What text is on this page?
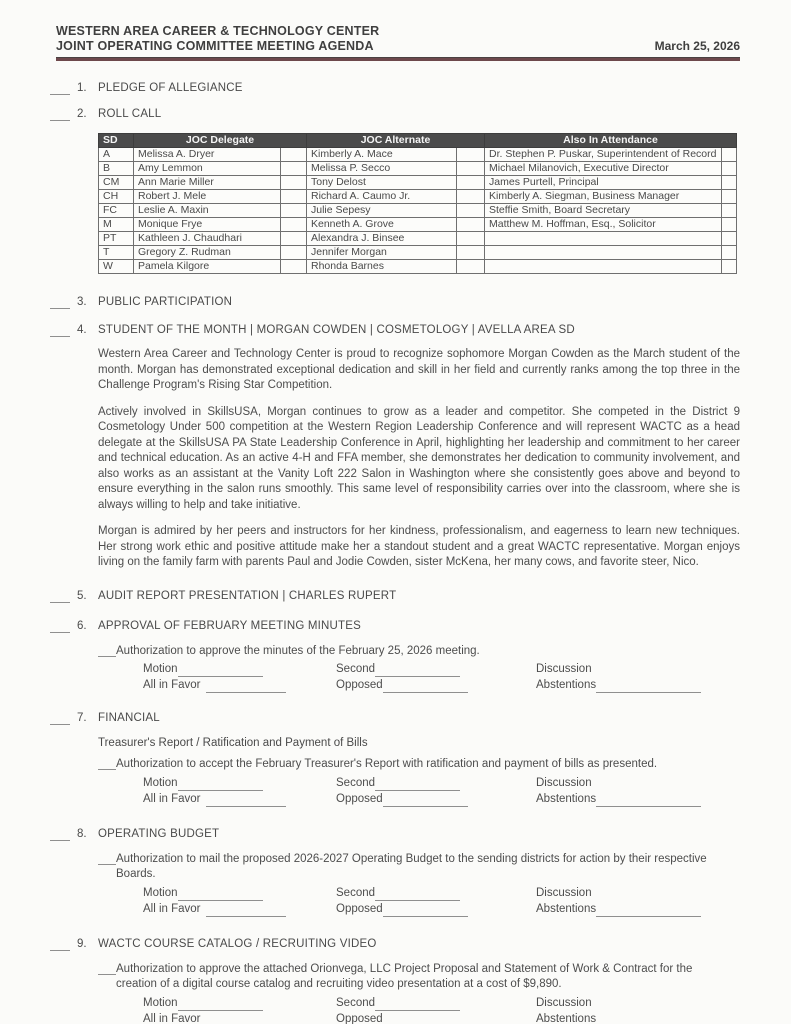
WESTERN AREA CAREER & TECHNOLOGY CENTER
JOINT OPERATING COMMITTEE MEETING AGENDA	March 25, 2026
1. PLEDGE OF ALLEGIANCE
2. ROLL CALL
SD	JOC Delegate		JOC Alternate		Also In Attendance	
A	Melissa A. Dryer		Kimberly A. Mace		Dr. Stephen P. Puskar, Superintendent of Record	
B	Amy Lemmon		Melissa P. Secco		Michael Milanovich, Executive Director	
CM	Ann Marie Miller		Tony Delost		James Purtell, Principal	
CH	Robert J. Mele		Richard A. Caumo Jr.		Kimberly A. Siegman, Business Manager	
FC	Leslie A. Maxin		Julie Sepesy		Steffie Smith, Board Secretary	
M	Monique Frye		Kenneth A. Grove		Matthew M. Hoffman, Esq., Solicitor	
PT	Kathleen J. Chaudhari		Alexandra J. Binsee			
T	Gregory Z. Rudman		Jennifer Morgan			
W	Pamela Kilgore		Rhonda Barnes			
3. PUBLIC PARTICIPATION
4. STUDENT OF THE MONTH | MORGAN COWDEN | COSMETOLOGY | AVELLA AREA SD
Western Area Career and Technology Center is proud to recognize sophomore Morgan Cowden as the March student of the month. Morgan has demonstrated exceptional dedication and skill in her field and currently ranks among the top three in the Challenge Program's Rising Star Competition.
Actively involved in SkillsUSA, Morgan continues to grow as a leader and competitor. She competed in the District 9 Cosmetology Under 500 competition at the Western Region Leadership Conference and will represent WACTC as a head delegate at the SkillsUSA PA State Leadership Conference in April, highlighting her leadership and commitment to her career and technical education. As an active 4-H and FFA member, she demonstrates her dedication to community involvement, and also works as an assistant at the Vanity Loft 222 Salon in Washington where she consistently goes above and beyond to ensure everything in the salon runs smoothly. This same level of responsibility carries over into the classroom, where she is always willing to help and take initiative.
Morgan is admired by her peers and instructors for her kindness, professionalism, and eagerness to learn new techniques. Her strong work ethic and positive attitude make her a standout student and a great WACTC representative. Morgan enjoys living on the family farm with parents Paul and Jodie Cowden, sister McKena, her many cows, and favorite steer, Nico.
5. AUDIT REPORT PRESENTATION | CHARLES RUPERT
6. APPROVAL OF FEBRUARY MEETING MINUTES
Authorization to approve the minutes of the February 25, 2026 meeting.
Motion	Second	Discussion
All in Favor	Opposed	Abstentions
7. FINANCIAL
Treasurer's Report / Ratification and Payment of Bills
Authorization to accept the February Treasurer's Report with ratification and payment of bills as presented.
Motion	Second	Discussion
All in Favor	Opposed	Abstentions
8. OPERATING BUDGET
Authorization to mail the proposed 2026-2027 Operating Budget to the sending districts for action by their respective Boards.
Motion	Second	Discussion
All in Favor	Opposed	Abstentions
9. WACTC COURSE CATALOG / RECRUITING VIDEO
Authorization to approve the attached Orionvega, LLC Project Proposal and Statement of Work & Contract for the creation of a digital course catalog and recruiting video presentation at a cost of $9,890.
Motion	Second	Discussion
All in Favor	Opposed	Abstentions
